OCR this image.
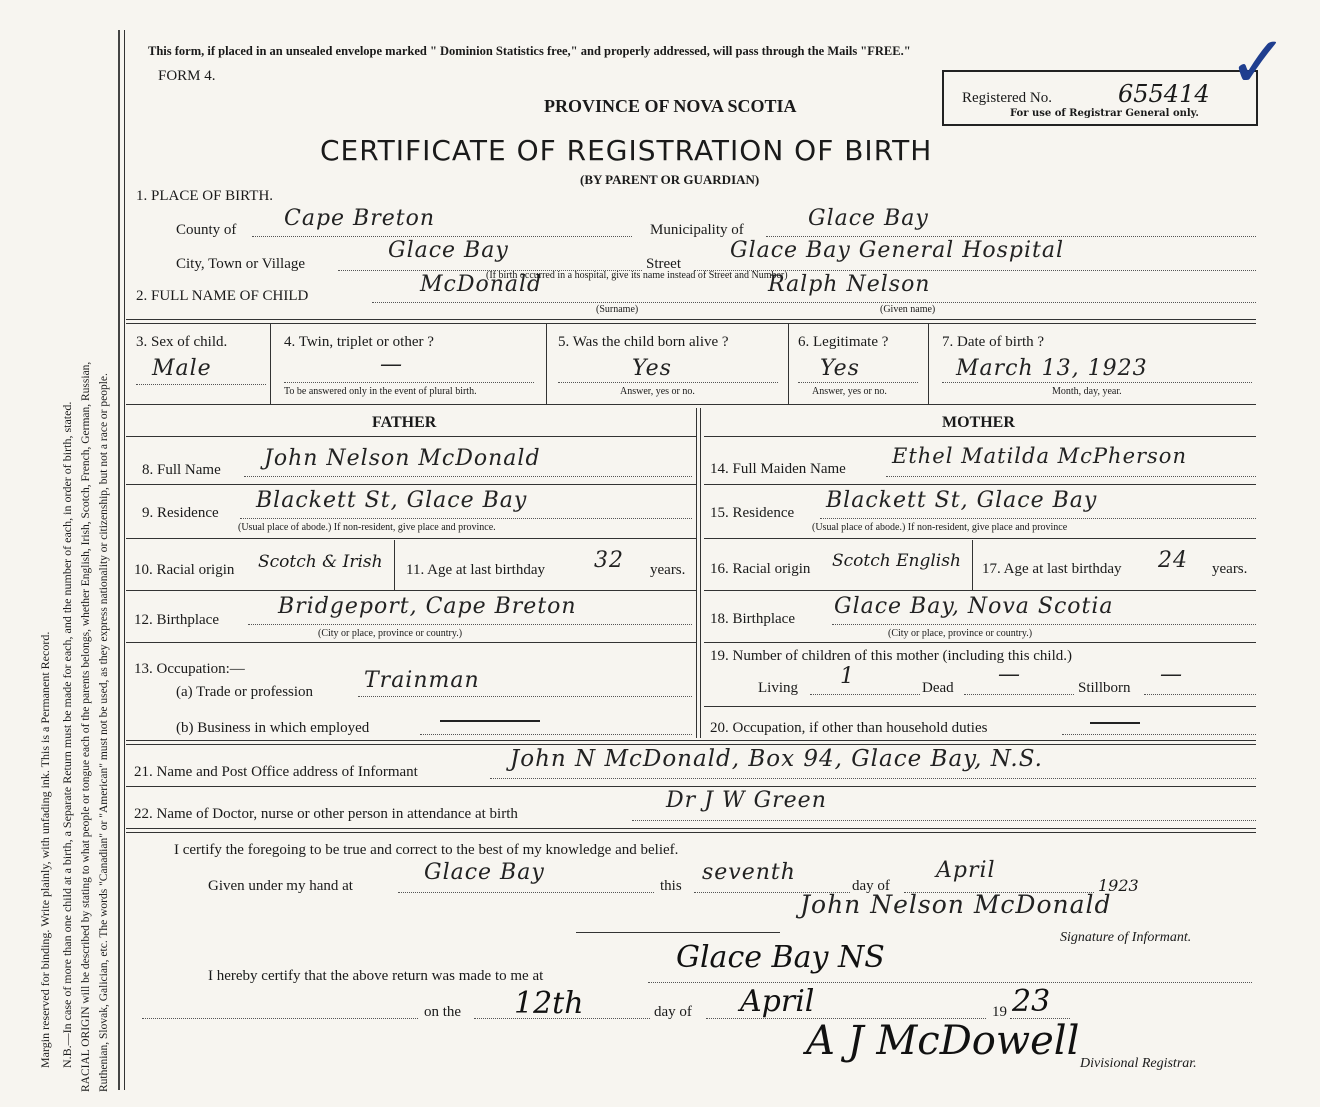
Margin reserved for binding. Write plainly, with unfading ink. This is a Permanent Record. N.B.—In case of more than one child at a birth, a Separate Return must be made for each, and the number of each, in order of birth, stated. RACIAL ORIGIN will be described by stating to what people or tongue each of the parents belongs, whether English, Irish, Scotch, French, German, Russian, Ruthenian, Slovak, Galician, etc. The words "Canadian" or "American" must not be used, as they express nationality or citizenship, but not a race or people.
This form, if placed in an unsealed envelope marked " Dominion Statistics free," and properly addressed, will pass through the Mails "FREE."
FORM 4.
PROVINCE OF NOVA SCOTIA
CERTIFICATE OF REGISTRATION OF BIRTH
(BY PARENT OR GUARDIAN)
Registered No.	655414
For use of Registrar General only.
✓
1. PLACE OF BIRTH.
County of Cape Breton	Municipality of	Glace Bay
City, Town or Village
Glace Bay
Street
Glace Bay General Hospital
(If birth occurred in a hospital, give its name instead of Street and Number)
2. FULL NAME OF CHILD	McDonald	Ralph Nelson
(Surname)	(Given name)
3. Sex of child.
Male
4. Twin, triplet or other ?
—
To be answered only in the event of plural birth.
5. Was the child born alive ?
Yes
Answer, yes or no.
6. Legitimate ?
Yes
Answer, yes or no.
7. Date of birth ?
March 13, 1923
Month, day, year.
FATHER	MOTHER
8. Full Name John Nelson McDonald
9. Residence Blackett St, Glace Bay
(Usual place of abode.) If non-resident, give place and province.
10. Racial origin Scotch & Irish 11. Age at last birthday 32 years.
12. Birthplace
Bridgeport, Cape Breton
(City or place, province or country.)
13. Occupation:—
(a) Trade or profession Trainman
(b) Business in which employed
14. Full Maiden Name
Ethel Matilda McPherson
15. Residence Blackett St, Glace Bay
(Usual place of abode.) If non-resident, give place and province
16. Racial origin Scotch English 17. Age at last birthday 24 years.
18. Birthplace Glace Bay, Nova Scotia
(City or place, province or country.)
19. Number of children of this mother (including this child.)
Living 1	Dead
—
Stillborn
—
20. Occupation, if other than household duties
21. Name and Post Office address of Informant	John N McDonald, Box 94, Glace Bay, N.S.
22. Name of Doctor, nurse or other person in attendance at birth
Dr J W Green
I certify the foregoing to be true and correct to the best of my knowledge and belief.
Given under my hand at
Glace Bay
this
seventh
day of
April
1923
John Nelson McDonald
Signature of Informant.
I hereby certify that the above return was made to me at
Glace Bay NS
on the 12th	day of April	19 23
A J McDowell Divisional Registrar.
